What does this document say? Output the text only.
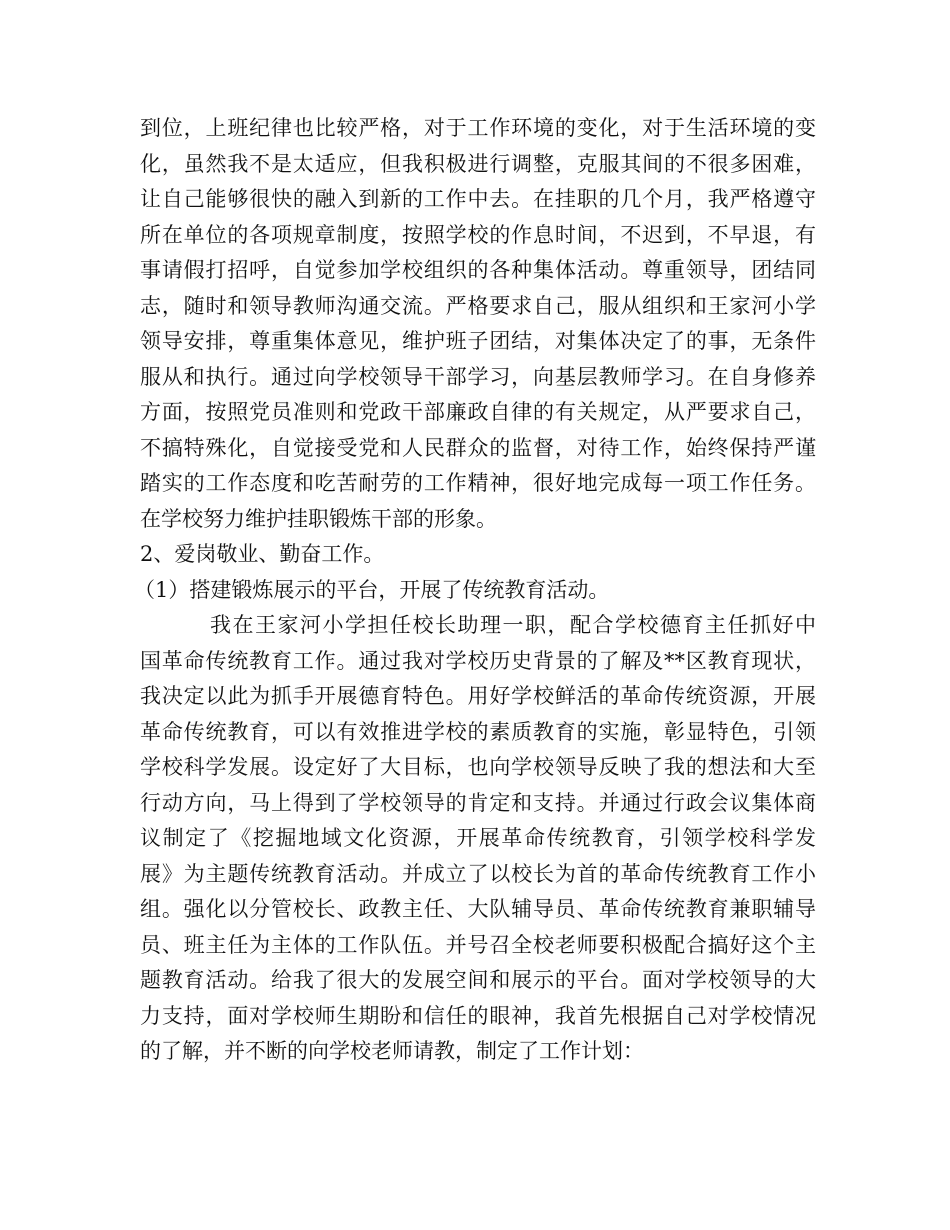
到位，上班纪律也比较严格，对于工作环境的变化，对于生活环境的变
化，虽然我不是太适应，但我积极进行调整，克服其间的不很多困难，
让自己能够很快的融入到新的工作中去。在挂职的几个月，我严格遵守
所在单位的各项规章制度，按照学校的作息时间，不迟到，不早退，有
事请假打招呼，自觉参加学校组织的各种集体活动。尊重领导，团结同
志，随时和领导教师沟通交流。严格要求自己，服从组织和王家河小学
领导安排，尊重集体意见，维护班子团结，对集体决定了的事，无条件
服从和执行。通过向学校领导干部学习，向基层教师学习。在自身修养
方面，按照党员准则和党政干部廉政自律的有关规定，从严要求自己，
不搞特殊化，自觉接受党和人民群众的监督，对待工作，始终保持严谨
踏实的工作态度和吃苦耐劳的工作精神，很好地完成每一项工作任务。
在学校努力维护挂职锻炼干部的形象。
2、爱岗敬业、勤奋工作。
（1）搭建锻炼展示的平台，开展了传统教育活动。
我在王家河小学担任校长助理一职，配合学校德育主任抓好中
国革命传统教育工作。通过我对学校历史背景的了解及**区教育现状，
我决定以此为抓手开展德育特色。用好学校鲜活的革命传统资源，开展
革命传统教育，可以有效推进学校的素质教育的实施，彰显特色，引领
学校科学发展。设定好了大目标，也向学校领导反映了我的想法和大至
行动方向，马上得到了学校领导的肯定和支持。并通过行政会议集体商
议制定了《挖掘地域文化资源，开展革命传统教育，引领学校科学发
展》为主题传统教育活动。并成立了以校长为首的革命传统教育工作小
组。强化以分管校长、政教主任、大队辅导员、革命传统教育兼职辅导
员、班主任为主体的工作队伍。并号召全校老师要积极配合搞好这个主
题教育活动。给我了很大的发展空间和展示的平台。面对学校领导的大
力支持，面对学校师生期盼和信任的眼神，我首先根据自己对学校情况
的了解，并不断的向学校老师请教，制定了工作计划：
